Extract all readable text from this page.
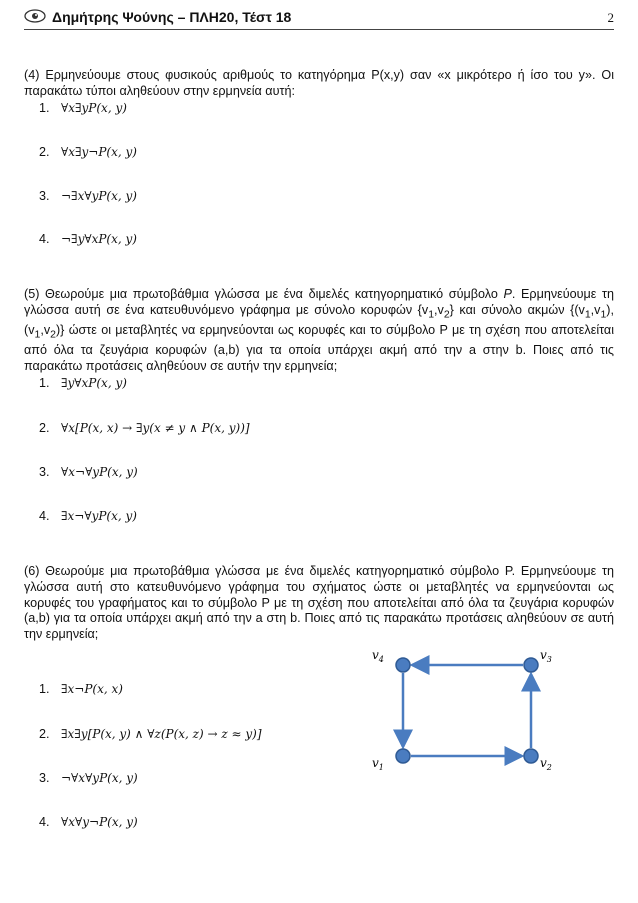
Δημήτρης Ψούνης – ΠΛΗ20, Τέστ 18	2

(4) Ερμηνεύουμε στους φυσικούς αριθμούς το κατηγόρημα P(x,y) σαν «x μικρότερο ή ίσο του y». Οι παρακάτω τύποι αληθεύουν στην ερμηνεία αυτή:

1. ∀x∃yP(x, y)
2. ∀x∃y¬P(x, y)
3. ¬∃x∀yP(x, y)
4. ¬∃y∀xP(x, y)

(5) Θεωρούμε μια πρωτοβάθμια γλώσσα με ένα διμελές κατηγορηματικό σύμβολο P. Ερμηνεύουμε τη γλώσσα αυτή σε ένα κατευθυνόμενο γράφημα με σύνολο κορυφών $\{v_1,v_2\}$ και σύνολο ακμών $\{(v_1,v_1),(v_1,v_2)\}$ ώστε οι μεταβλητές να ερμηνεύονται ως κορυφές και το σύμβολο P με τη σχέση που αποτελείται από όλα τα ζευγάρια κορυφών (a,b) για τα οποία υπάρχει ακμή από την a στην b. Ποιες από τις παρακάτω προτάσεις αληθεύουν σε αυτήν την ερμηνεία;

1. ∃y∀xP(x, y)
2. ∀x[P(x, x) → ∃y(x ≠ y ∧ P(x, y))]
3. ∀x¬∀yP(x, y)
4. ∃x¬∀yP(x, y)

(6) Θεωρούμε μια πρωτοβάθμια γλώσσα με ένα διμελές κατηγορηματικό σύμβολο P. Ερμηνεύουμε τη γλώσσα αυτή στο κατευθυνόμενο γράφημα του σχήματος ώστε οι μεταβλητές να ερμηνεύονται ως κορυφές του γραφήματος και το σύμβολο P με τη σχέση που αποτελείται από όλα τα ζευγάρια κορυφών (a,b) για τα οποία υπάρχει ακμή από την a στη b. Ποιες από τις παρακάτω προτάσεις αληθεύουν σε αυτή την ερμηνεία;

1. ∃x¬P(x, x)
2. ∃x∃y[P(x, y) ∧ ∀z(P(x, z) → z ≈ y)]
3. ¬∀x∀yP(x, y)
4. ∀x∀y¬P(x, y)
$v_1$	$v_2$
$v_3$
$v_4$
